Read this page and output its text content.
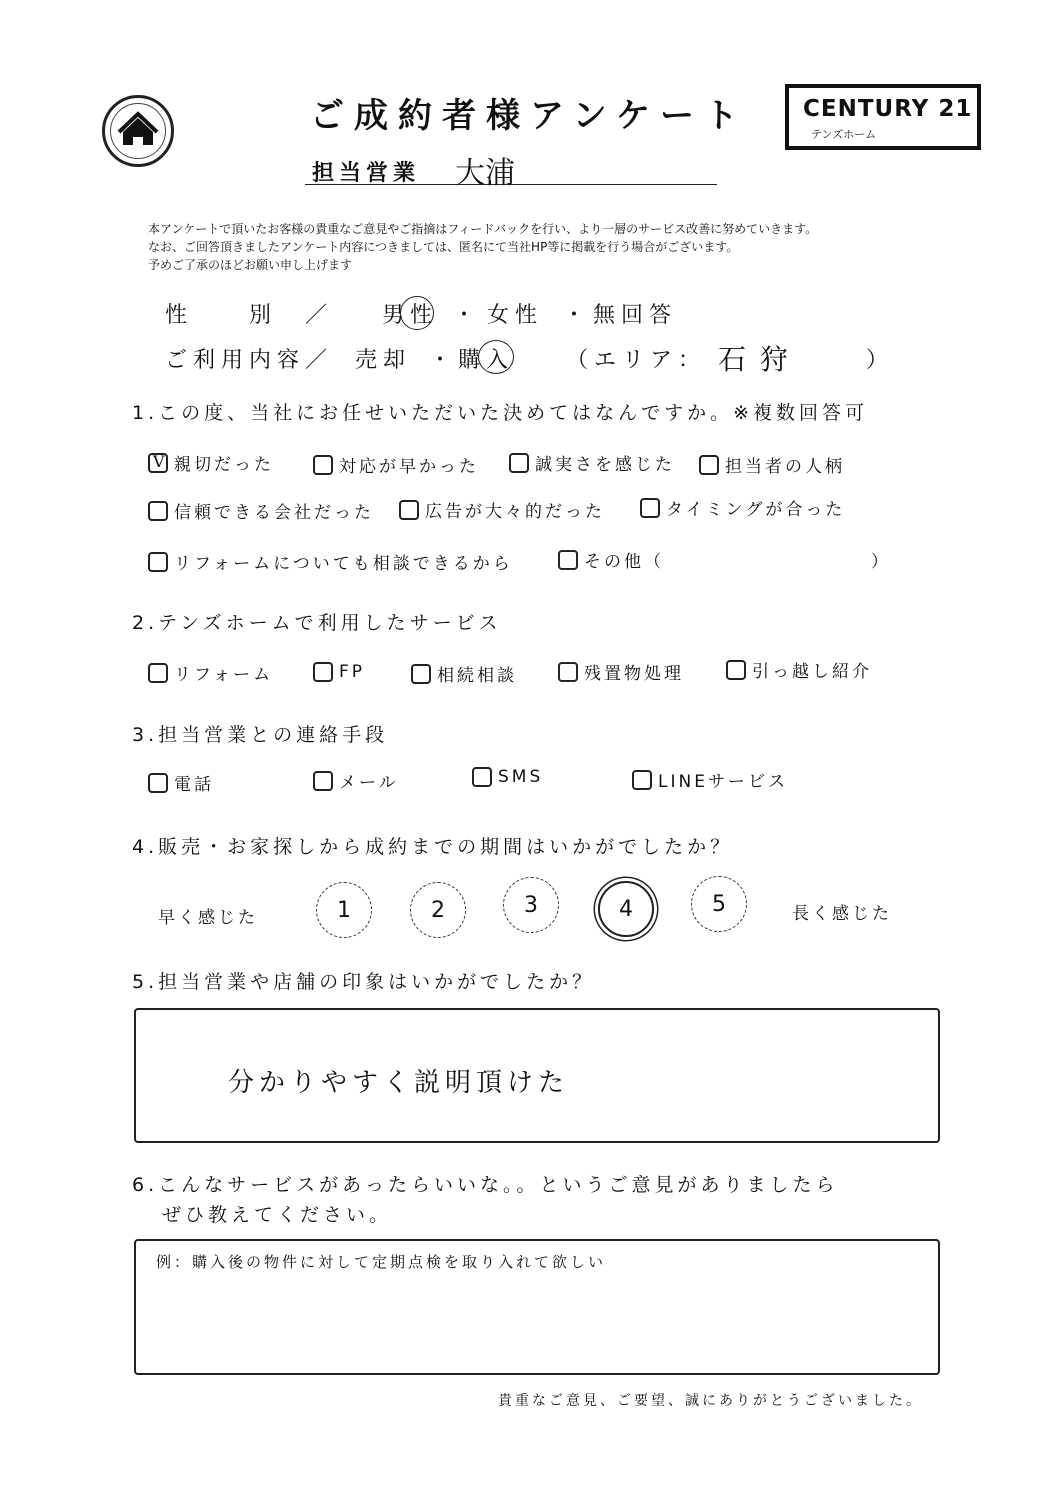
ご成約者様アンケート CENTURY 21
テンズホーム
担当営業 大浦
本アンケートで頂いたお客様の貴重なご意見やご指摘はフィードバックを行い、より一層のサービス改善に努めていきます。
なお、ご回答頂きましたアンケート内容につきましては、匿名にて当社HP等に掲載を行う場合がございます。
予めご了承のほどお願い申し上げます
性　　別　／ 男性 ・ 女性 ・ 無回答
ご利用内容／ 売却 ・ 購入 （エリア： 石狩	）
1.この度、当社にお任せいただいた決めてはなんですか。※複数回答可
V
親切だった	対応が早かった	誠実さを感じた	担当者の人柄
信頼できる会社だった	広告が大々的だった	タイミングが合った
リフォームについても相談できるから	その他（	）
2.テンズホームで利用したサービス
リフォーム	FP	相続相談	残置物処理	引っ越し紹介
3.担当営業との連絡手段
電話	メール	SMS	LINEサービス
4.販売・お家探しから成約までの期間はいかがでしたか？
早く感じた	1	2	3	4	5	長く感じた
5.担当営業や店舗の印象はいかがでしたか？
分かりやすく説明頂けた
6.こんなサービスがあったらいいな。。というご意見がありましたら
ぜひ教えてください。
例：購入後の物件に対して定期点検を取り入れて欲しい
貴重なご意見、ご要望、誠にありがとうございました。
